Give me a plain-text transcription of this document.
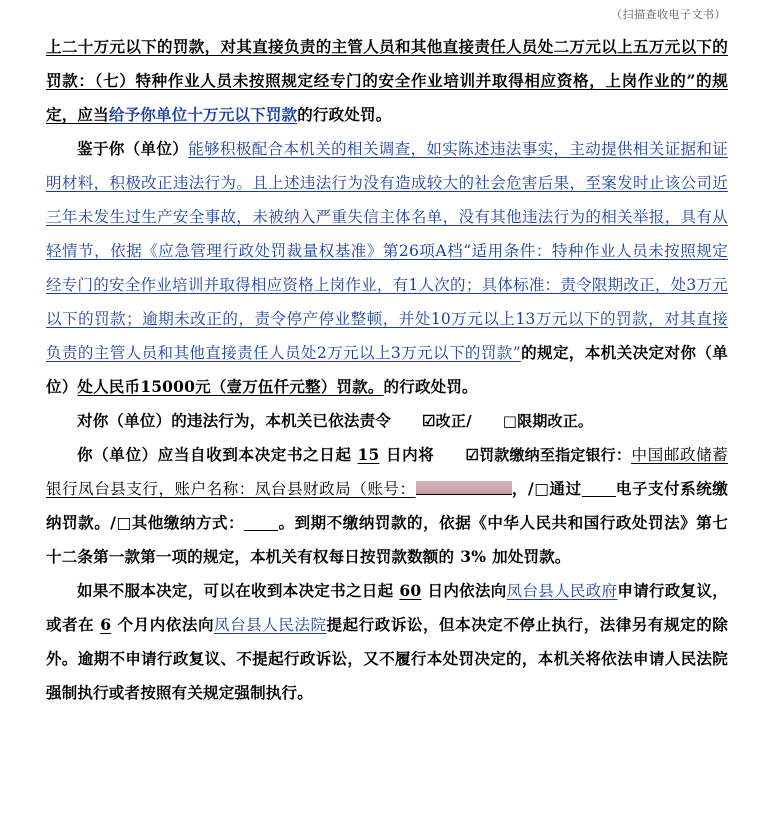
（扫描查收电子文书）

上二十万元以下的罚款，对其直接负责的主管人员和其他直接责任人员处二万元以上五万元以下的罚款：（七）特种作业人员未按照规定经专门的安全作业培训并取得相应资格，上岗作业的”的规定，应当给予你单位十万元以下罚款的行政处罚。

鉴于你（单位）能够积极配合本机关的相关调查，如实陈述违法事实，主动提供相关证据和证明材料，积极改正违法行为。且上述违法行为没有造成较大的社会危害后果，至案发时止该公司近三年未发生过生产安全事故，未被纳入严重失信主体名单，没有其他违法行为的相关举报，具有从轻情节，依据《应急管理行政处罚裁量权基准》第26项A档“适用条件：特种作业人员未按照规定经专门的安全作业培训并取得相应资格上岗作业，有1人次的；具体标准：责令限期改正，处3万元以下的罚款；逾期未改正的，责令停产停业整顿，并处10万元以上13万元以下的罚款，对其直接负责的主管人员和其他直接责任人员处2万元以上3万元以下的罚款”的规定，本机关决定对你（单位）处人民币15000元（壹万伍仟元整）罚款。的行政处罚。

对你（单位）的违法行为，本机关已依法责令 ☑改正/ □限期改正。

你（单位）应当自收到本决定书之日起 15 日内将 ☑罚款缴纳至指定银行：中国邮政储蓄银行凤台县支行，账户名称：凤台县财政局（账号：	，/□通过 电子支付系统缴纳罚款。/□其他缴纳方式： 。到期不缴纳罚款的，依据《中华人民共和国行政处罚法》第七十二条第一款第一项的规定，本机关有权每日按罚款数额的 3% 加处罚款。

如果不服本决定，可以在收到本决定书之日起 60 日内依法向凤台县人民政府申请行政复议，或者在 6 个月内依法向凤台县人民法院提起行政诉讼，但本决定不停止执行，法律另有规定的除外。逾期不申请行政复议、不提起行政诉讼，又不履行本处罚决定的，本机关将依法申请人民法院强制执行或者按照有关规定强制执行。
